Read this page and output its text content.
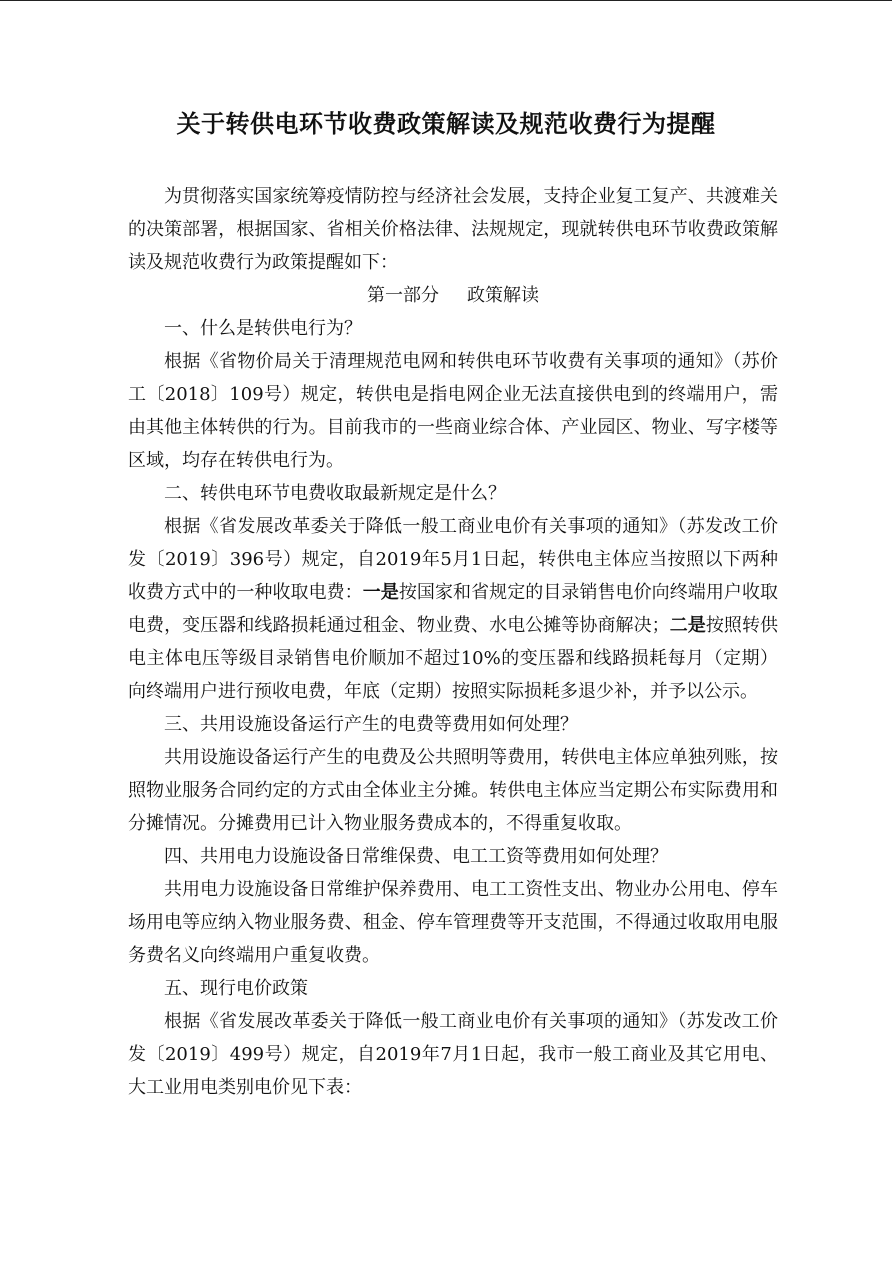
关于转供电环节收费政策解读及规范收费行为提醒

为贯彻落实国家统筹疫情防控与经济社会发展，支持企业复工复产、共渡难关的决策部署，根据国家、省相关价格法律、法规规定，现就转供电环节收费政策解读及规范收费行为政策提醒如下：

第一部分 政策解读

一、什么是转供电行为？

根据《省物价局关于清理规范电网和转供电环节收费有关事项的通知》（苏价工〔2018〕109号）规定，转供电是指电网企业无法直接供电到的终端用户，需由其他主体转供的行为。目前我市的一些商业综合体、产业园区、物业、写字楼等区域，均存在转供电行为。

二、转供电环节电费收取最新规定是什么？

根据《省发展改革委关于降低一般工商业电价有关事项的通知》（苏发改工价发〔2019〕396号）规定，自2019年5月1日起，转供电主体应当按照以下两种收费方式中的一种收取电费：一是按国家和省规定的目录销售电价向终端用户收取电费，变压器和线路损耗通过租金、物业费、水电公摊等协商解决；二是按照转供电主体电压等级目录销售电价顺加不超过10%的变压器和线路损耗每月（定期）向终端用户进行预收电费，年底（定期）按照实际损耗多退少补，并予以公示。

三、共用设施设备运行产生的电费等费用如何处理？

共用设施设备运行产生的电费及公共照明等费用，转供电主体应单独列账，按照物业服务合同约定的方式由全体业主分摊。转供电主体应当定期公布实际费用和分摊情况。分摊费用已计入物业服务费成本的，不得重复收取。

四、共用电力设施设备日常维保费、电工工资等费用如何处理？

共用电力设施设备日常维护保养费用、电工工资性支出、物业办公用电、停车场用电等应纳入物业服务费、租金、停车管理费等开支范围，不得通过收取用电服务费名义向终端用户重复收费。

五、现行电价政策

根据《省发展改革委关于降低一般工商业电价有关事项的通知》（苏发改工价发〔2019〕499号）规定，自2019年7月1日起，我市一般工商业及其它用电、大工业用电类别电价见下表：
